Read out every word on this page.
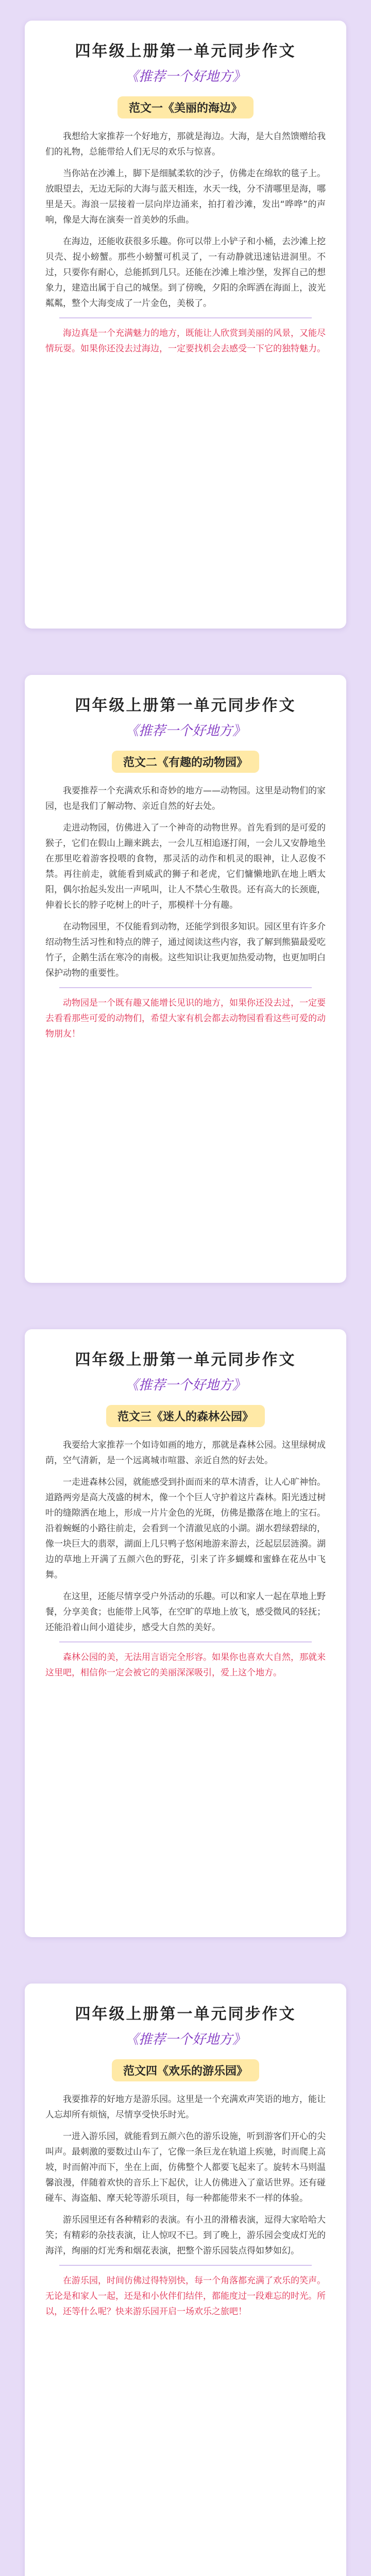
四年级上册第一单元同步作文

《推荐一个好地方》

范文一《美丽的海边》

我想给大家推荐一个好地方，那就是海边。大海，是大自然馈赠给我们的礼物，总能带给人们无尽的欢乐与惊喜。

当你站在沙滩上，脚下是细腻柔软的沙子，仿佛走在绵软的毯子上。放眼望去，无边无际的大海与蓝天相连，水天一线，分不清哪里是海，哪里是天。海浪一层接着一层向岸边涌来，拍打着沙滩，发出“哗哗”的声响，像是大海在演奏一首美妙的乐曲。

在海边，还能收获很多乐趣。你可以带上小铲子和小桶，去沙滩上挖贝壳、捉小螃蟹。那些小螃蟹可机灵了，一有动静就迅速钻进洞里。不过，只要你有耐心，总能抓到几只。还能在沙滩上堆沙堡，发挥自己的想象力，建造出属于自己的城堡。到了傍晚，夕阳的余晖洒在海面上，波光粼粼，整个大海变成了一片金色，美极了。

海边真是一个充满魅力的地方，既能让人欣赏到美丽的风景，又能尽情玩耍。如果你还没去过海边，一定要找机会去感受一下它的独特魅力。

四年级上册第一单元同步作文

《推荐一个好地方》

范文二《有趣的动物园》

我要推荐一个充满欢乐和奇妙的地方——动物园。这里是动物们的家园，也是我们了解动物、亲近自然的好去处。

走进动物园，仿佛进入了一个神奇的动物世界。首先看到的是可爱的猴子，它们在假山上蹦来跳去，一会儿互相追逐打闹，一会儿又安静地坐在那里吃着游客投喂的食物，那灵活的动作和机灵的眼神，让人忍俊不禁。再往前走，就能看到威武的狮子和老虎，它们慵懒地趴在地上晒太阳，偶尔抬起头发出一声吼叫，让人不禁心生敬畏。还有高大的长颈鹿，伸着长长的脖子吃树上的叶子，那模样十分有趣。

在动物园里，不仅能看到动物，还能学到很多知识。园区里有许多介绍动物生活习性和特点的牌子，通过阅读这些内容，我了解到熊猫最爱吃竹子，企鹅生活在寒冷的南极。这些知识让我更加热爱动物，也更加明白保护动物的重要性。

动物园是一个既有趣又能增长见识的地方，如果你还没去过，一定要去看看那些可爱的动物们，希望大家有机会都去动物园看看这些可爱的动物朋友！

四年级上册第一单元同步作文

《推荐一个好地方》

范文三《迷人的森林公园》

我要给大家推荐一个如诗如画的地方，那就是森林公园。这里绿树成荫，空气清新，是一个远离城市喧嚣、亲近自然的好去处。

一走进森林公园，就能感受到扑面而来的草木清香，让人心旷神怡。道路两旁是高大茂盛的树木，像一个个巨人守护着这片森林。阳光透过树叶的缝隙洒在地上，形成一片片金色的光斑，仿佛是撒落在地上的宝石。沿着蜿蜒的小路往前走，会看到一个清澈见底的小湖。湖水碧绿碧绿的，像一块巨大的翡翠，湖面上几只鸭子悠闲地游来游去，泛起层层涟漪。湖边的草地上开满了五颜六色的野花，引来了许多蝴蝶和蜜蜂在花丛中飞舞。

在这里，还能尽情享受户外活动的乐趣。可以和家人一起在草地上野餐，分享美食；也能带上风筝，在空旷的草地上放飞，感受微风的轻抚；还能沿着山间小道徒步，感受大自然的美好。

森林公园的美，无法用言语完全形容。如果你也喜欢大自然，那就来这里吧，相信你一定会被它的美丽深深吸引，爱上这个地方。

四年级上册第一单元同步作文

《推荐一个好地方》

范文四《欢乐的游乐园》

我要推荐的好地方是游乐园。这里是一个充满欢声笑语的地方，能让人忘却所有烦恼，尽情享受快乐时光。

一进入游乐园，就能看到五颜六色的游乐设施，听到游客们开心的尖叫声。最刺激的要数过山车了，它像一条巨龙在轨道上疾驰，时而爬上高坡，时而俯冲而下，坐在上面，仿佛整个人都要飞起来了。旋转木马则温馨浪漫，伴随着欢快的音乐上下起伏，让人仿佛进入了童话世界。还有碰碰车、海盗船、摩天轮等游乐项目，每一种都能带来不一样的体验。

游乐园里还有各种精彩的表演。有小丑的滑稽表演，逗得大家哈哈大笑；有精彩的杂技表演，让人惊叹不已。到了晚上，游乐园会变成灯光的海洋，绚丽的灯光秀和烟花表演，把整个游乐园装点得如梦如幻。

在游乐园，时间仿佛过得特别快，每一个角落都充满了欢乐的笑声。无论是和家人一起，还是和小伙伴们结伴，都能度过一段难忘的时光。所以，还等什么呢？快来游乐园开启一场欢乐之旅吧！
